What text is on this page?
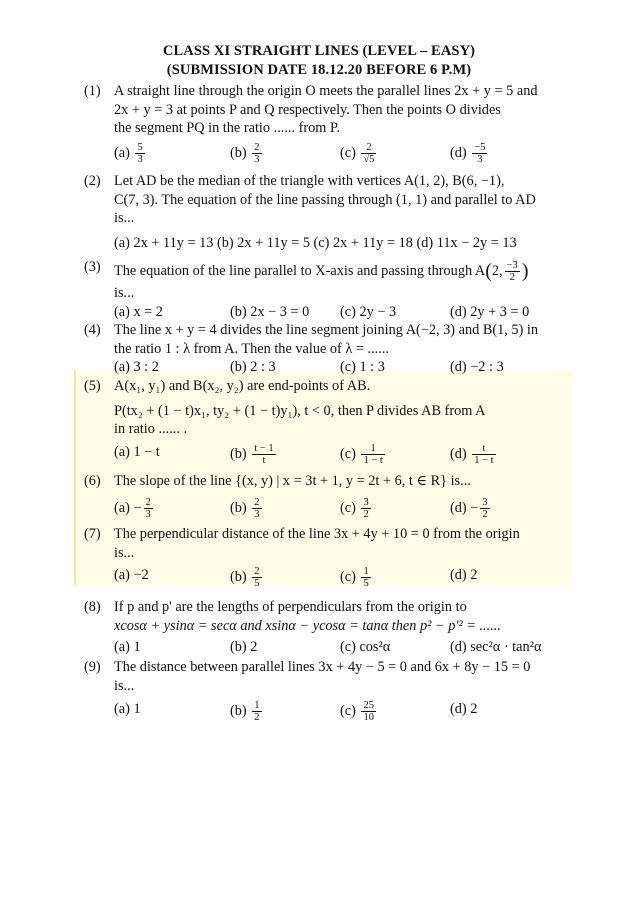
CLASS XI STRAIGHT LINES (LEVEL – EASY)
(SUBMISSION DATE 18.12.20 BEFORE 6 P.M)
(1) A straight line through the origin O meets the parallel lines 2x + y = 5 and
2x + y = 3 at points P and Q respectively. Then the points O divides
the segment PQ in the ratio ...... from P.
$(a) \frac{5}{3}$	$(b) \frac{2}{3}$	$(c) \frac{2}{√5}$	$(d) \frac{-5}{3}$
(2) Let AD be the median of the triangle with vertices A(1, 2), B(6, −1),
C(7, 3). The equation of the line passing through (1, 1) and parallel to AD
is...
(a) 2x + 11y = 13 (b) 2x + 11y = 5 (c) 2x + 11y = 18 (d) 11x − 2y = 13
(3) The equation of the line parallel to X-axis and passing through A(2, $\frac{-3}{2}$ )
is...
(a) x = 2	(b) 2x − 3 = 0 (c) 2y − 3	(d) 2y + 3 = 0
(4) The line x + y = 4 divides the line segment joining A(−2, 3) and B(1, 5) in
the ratio 1 : λ from A. Then the value of λ = ......
(a) 3 : 2	(b) 2 : 3	(c) 1 : 3	(d) −2 : 3
(5) A(x₁, y₁) and B(x₂, y₂) are end-points of AB.
P(tx₂ + (1 − t)x₁, ty₂ + (1 − t)y₁), t < 0, then P divides AB from A
in ratio ...... .
(a) 1 − t	$(b) \frac{t - 1}{t}$	$(c) \frac{1}{1 - t}$	$(d) \frac{t}{1 - t}$
(6) The slope of the line {(x, y) | x = 3t + 1, y = 2t + 6, t ∈ R} is...
$(a) - \frac{2}{3}$	$(b) \frac{2}{3}$	$(c) \frac{3}{2}$	$(d) - \frac{3}{2}$
(7) The perpendicular distance of the line 3x + 4y + 10 = 0 from the origin
is...
(a) −2	$(b) \frac{2}{5}$	$(c) \frac{1}{5}$	(d) 2
(8) If p and p' are the lengths of perpendiculars from the origin to
xcosα + ysinα = secα and xsinα − ycosα = tanα then p² − p'² = ......
(a) 1	(b) 2	(c) cos²α	(d) sec²α · tan²α
(9) The distance between parallel lines 3x + 4y − 5 = 0 and 6x + 8y − 15 = 0
is...
(a) 1	$(b) \frac{1}{2}$	$(c) \frac{25}{10}$	(d) 2
